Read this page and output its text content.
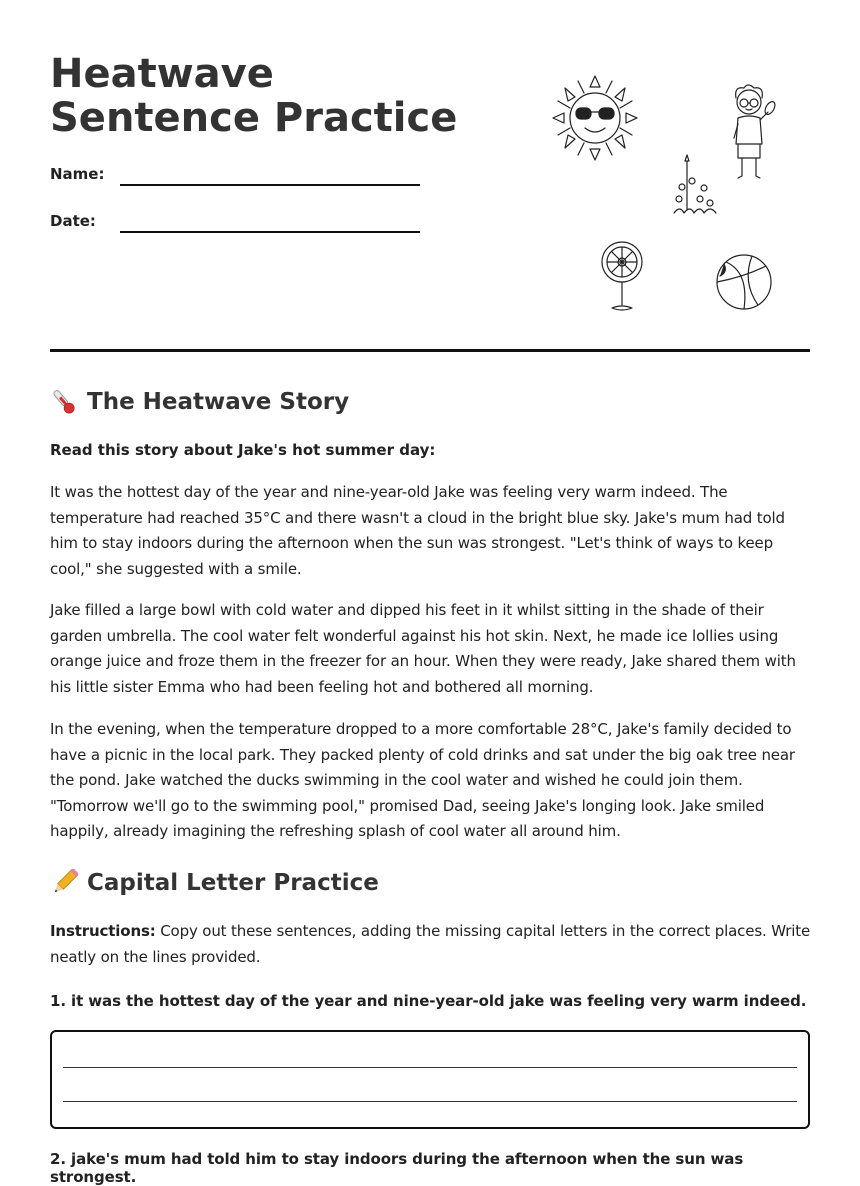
Heatwave Sentence Practice
Name:
Date:
The Heatwave Story

Read this story about Jake's hot summer day:

It was the hottest day of the year and nine-year-old Jake was feeling very warm indeed. The temperature had reached 35°C and there wasn't a cloud in the bright blue sky. Jake's mum had told him to stay indoors during the afternoon when the sun was strongest. "Let's think of ways to keep cool," she suggested with a smile.

Jake filled a large bowl with cold water and dipped his feet in it whilst sitting in the shade of their garden umbrella. The cool water felt wonderful against his hot skin. Next, he made ice lollies using orange juice and froze them in the freezer for an hour. When they were ready, Jake shared them with his little sister Emma who had been feeling hot and bothered all morning.

In the evening, when the temperature dropped to a more comfortable 28°C, Jake's family decided to have a picnic in the local park. They packed plenty of cold drinks and sat under the big oak tree near the pond. Jake watched the ducks swimming in the cool water and wished he could join them. "Tomorrow we'll go to the swimming pool," promised Dad, seeing Jake's longing look. Jake smiled happily, already imagining the refreshing splash of cool water all around him.

Capital Letter Practice

Instructions: Copy out these sentences, adding the missing capital letters in the correct places. Write neatly on the lines provided.

1. it was the hottest day of the year and nine-year-old jake was feeling very warm indeed.

2. jake's mum had told him to stay indoors during the afternoon when the sun was strongest.
